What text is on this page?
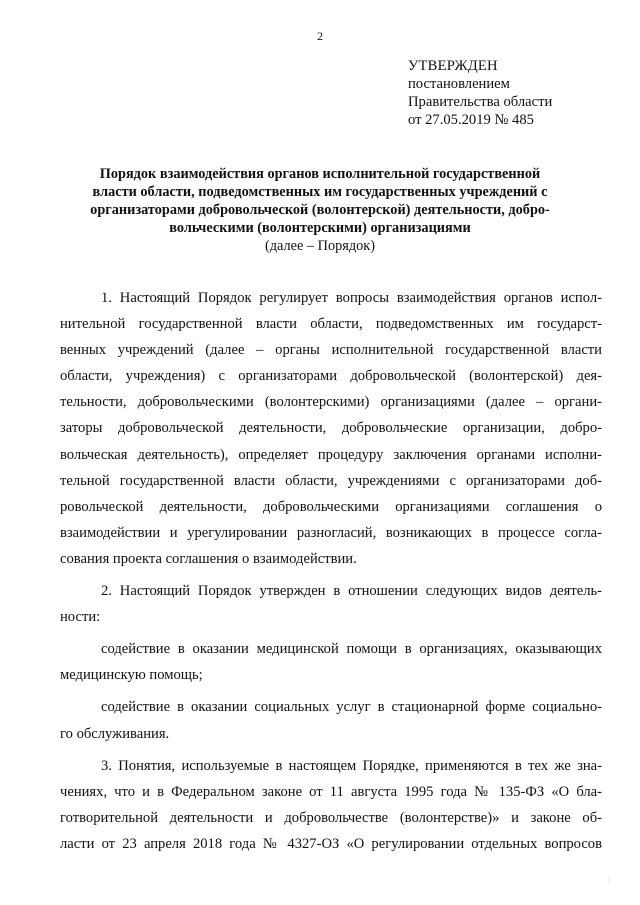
2
УТВЕРЖДЕН
постановлением
Правительства области
от 27.05.2019 № 485
Порядок взаимодействия органов исполнительной государственной
власти области, подведомственных им государственных учреждений с
организаторами добровольческой (волонтерской) деятельности, добро-
вольческими (волонтерскими) организациями
(далее – Порядок)
1. Настоящий Порядок регулирует вопросы взаимодействия органов испол-
нительной государственной власти области, подведомственных им государст-
венных учреждений (далее – органы исполнительной государственной власти
области, учреждения) с организаторами добровольческой (волонтерской) дея-
тельности, добровольческими (волонтерскими) организациями (далее – органи-
заторы добровольческой деятельности, добровольческие организации, добро-
вольческая деятельность), определяет процедуру заключения органами исполни-
тельной государственной власти области, учреждениями с организаторами доб-
ровольческой деятельности, добровольческими организациями соглашения о
взаимодействии и урегулировании разногласий, возникающих в процессе согла-
сования проекта соглашения о взаимодействии.
2. Настоящий Порядок утвержден в отношении следующих видов деятель-
ности:
содействие в оказании медицинской помощи в организациях, оказывающих
медицинскую помощь;
содействие в оказании социальных услуг в стационарной форме социально-
го обслуживания.
3. Понятия, используемые в настоящем Порядке, применяются в тех же зна-
чениях, что и в Федеральном законе от 11 августа 1995 года № 135-ФЗ «О бла-
готворительной деятельности и добровольчестве (волонтерстве)» и законе об-
ласти от 23 апреля 2018 года № 4327-ОЗ «О регулировании отдельных вопросов
·
